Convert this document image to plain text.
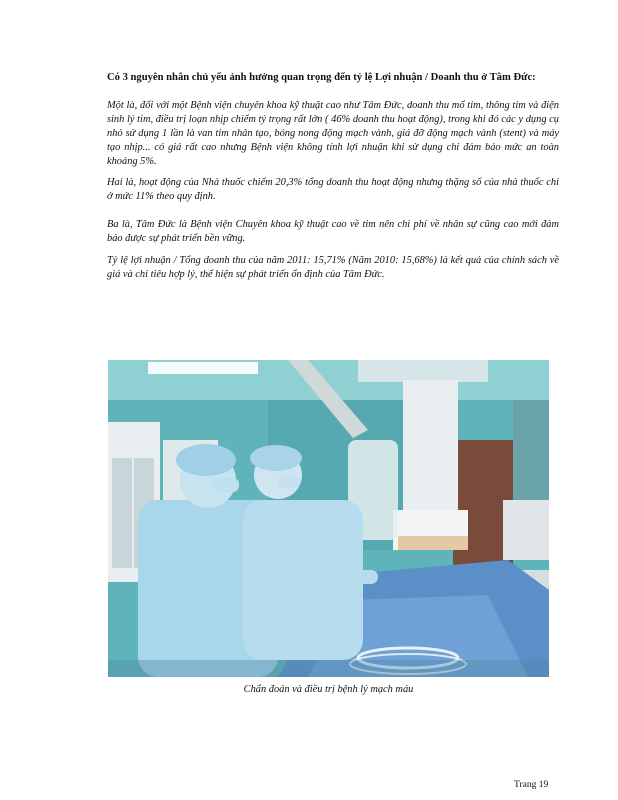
Có 3 nguyên nhân chủ yếu ảnh hưởng quan trọng đến tỷ lệ Lợi nhuận / Doanh thu ở Tâm Đức:

Một là, đối với một Bệnh viện chuyên khoa kỹ thuật cao như Tâm Đức, doanh thu mổ tim, thông tim và điện sinh lý tim, điều trị loạn nhịp chiếm tỷ trọng rất lớn ( 46% doanh thu hoạt động), trong khi đó các y dụng cụ nhỏ sử dụng 1 lần là van tim nhân tạo, bóng nong động mạch vành, giá đỡ động mạch vành (stent) và máy tạo nhịp... có giá rất cao nhưng Bệnh viện không tính lợi nhuận khi sử dụng chỉ đảm bảo mức an toàn khoảng 5%.

Hai là, hoạt động của Nhà thuốc chiếm 20,3% tổng doanh thu hoạt động nhưng thặng số của nhà thuốc chỉ ở mức 11% theo quy định.

Ba là, Tâm Đức là Bệnh viện Chuyên khoa kỹ thuật cao về tim nên chi phí về nhân sự cũng cao mới đảm bảo được sự phát triển bền vững.

Tỷ lệ lợi nhuận / Tổng doanh thu của năm 2011: 15,71% (Năm 2010: 15,68%) là kết quả của chính sách về giá và chi tiêu hợp lý, thể hiện sự phát triển ổn định của Tâm Đức.

Chẩn đoán và điều trị bệnh lý mạch máu
Trang 19
